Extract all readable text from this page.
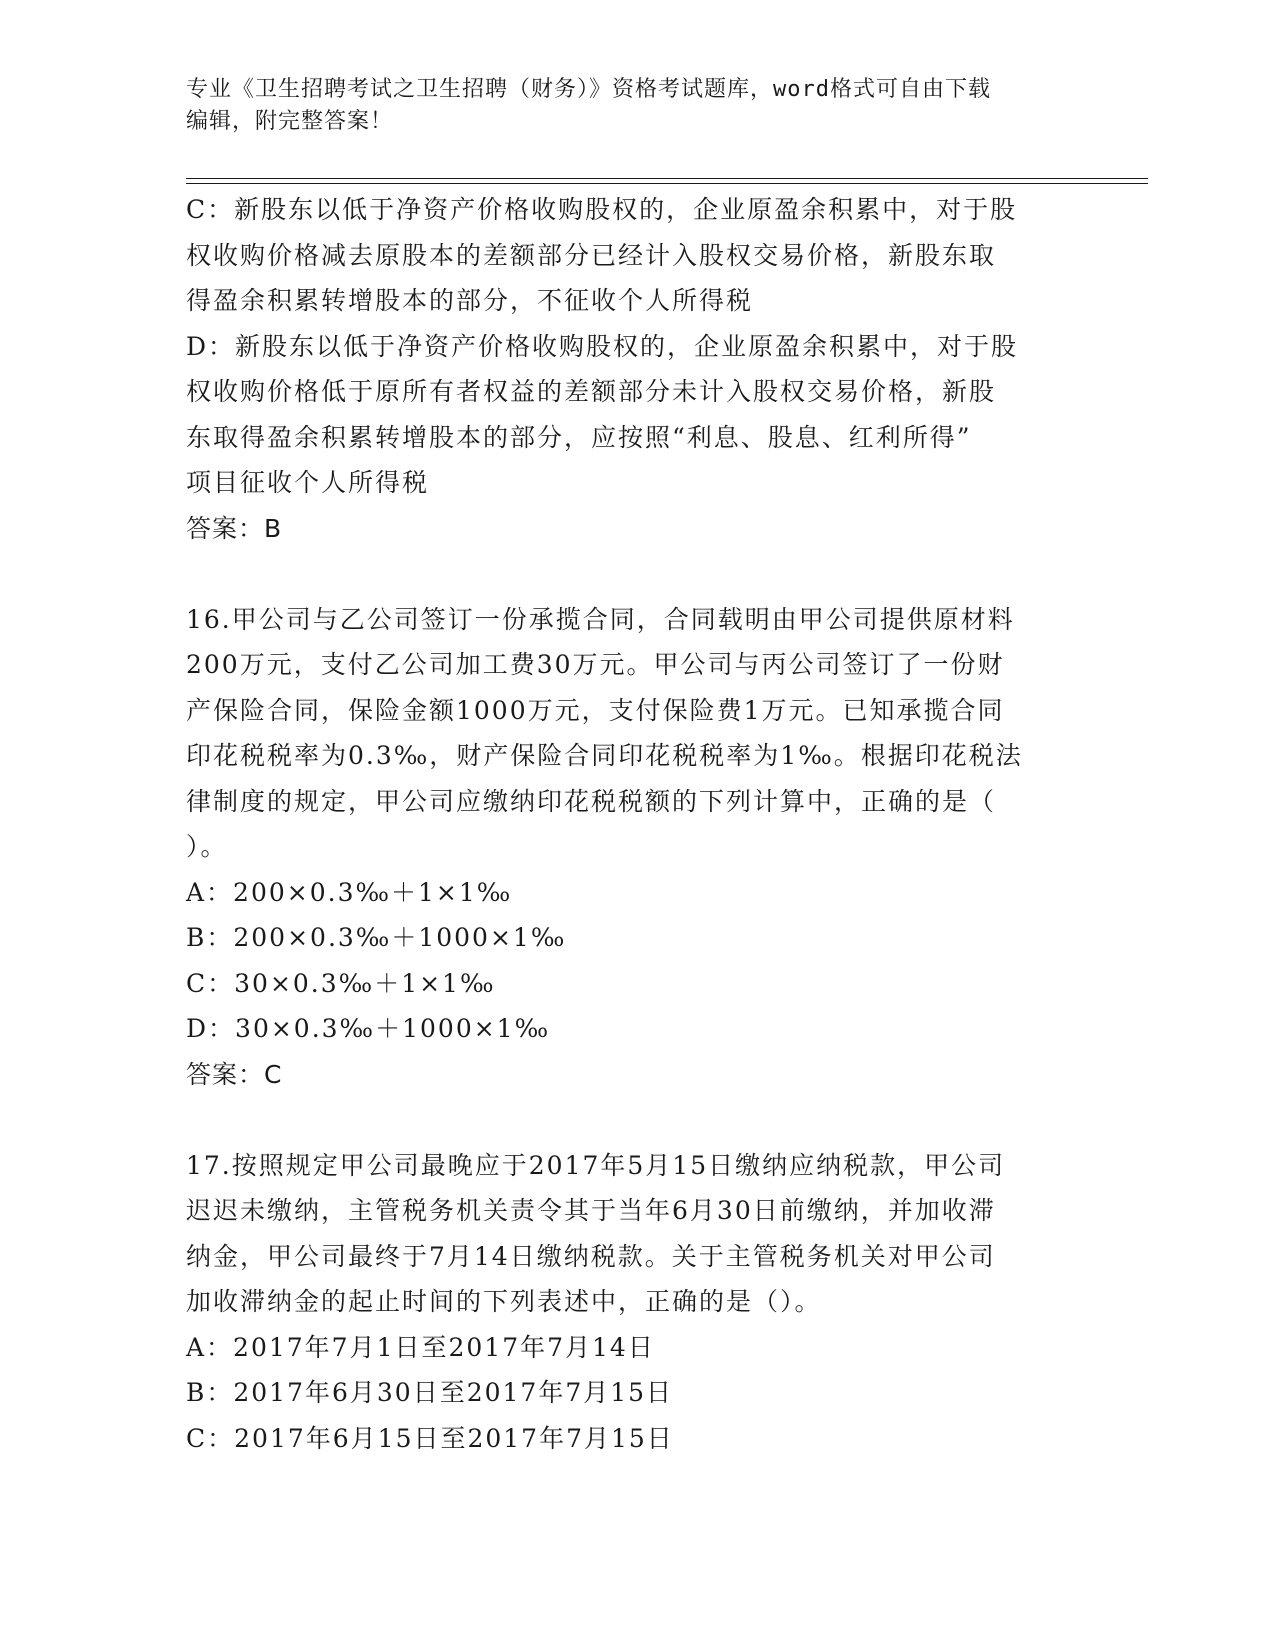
专业《卫生招聘考试之卫生招聘（财务）》资格考试题库，word格式可自由下载
编辑，附完整答案！
C：新股东以低于净资产价格收购股权的，企业原盈余积累中，对于股
权收购价格减去原股本的差额部分已经计入股权交易价格，新股东取
得盈余积累转增股本的部分，不征收个人所得税
D：新股东以低于净资产价格收购股权的，企业原盈余积累中，对于股
权收购价格低于原所有者权益的差额部分未计入股权交易价格，新股
东取得盈余积累转增股本的部分，应按照“利息、股息、红利所得”
项目征收个人所得税
答案：B
16.甲公司与乙公司签订一份承揽合同，合同载明由甲公司提供原材料
200万元，支付乙公司加工费30万元。甲公司与丙公司签订了一份财
产保险合同，保险金额1000万元，支付保险费1万元。已知承揽合同
印花税税率为0.3‰，财产保险合同印花税税率为1‰。根据印花税法
律制度的规定，甲公司应缴纳印花税税额的下列计算中，正确的是（
）。
A：200×0.3‰＋1×1‰
B：200×0.3‰＋1000×1‰
C：30×0.3‰＋1×1‰
D：30×0.3‰＋1000×1‰
答案：C
17.按照规定甲公司最晚应于2017年5月15日缴纳应纳税款，甲公司
迟迟未缴纳，主管税务机关责令其于当年6月30日前缴纳，并加收滞
纳金，甲公司最终于7月14日缴纳税款。关于主管税务机关对甲公司
加收滞纳金的起止时间的下列表述中，正确的是（）。
A：2017年7月1日至2017年7月14日
B：2017年6月30日至2017年7月15日
C：2017年6月15日至2017年7月15日
